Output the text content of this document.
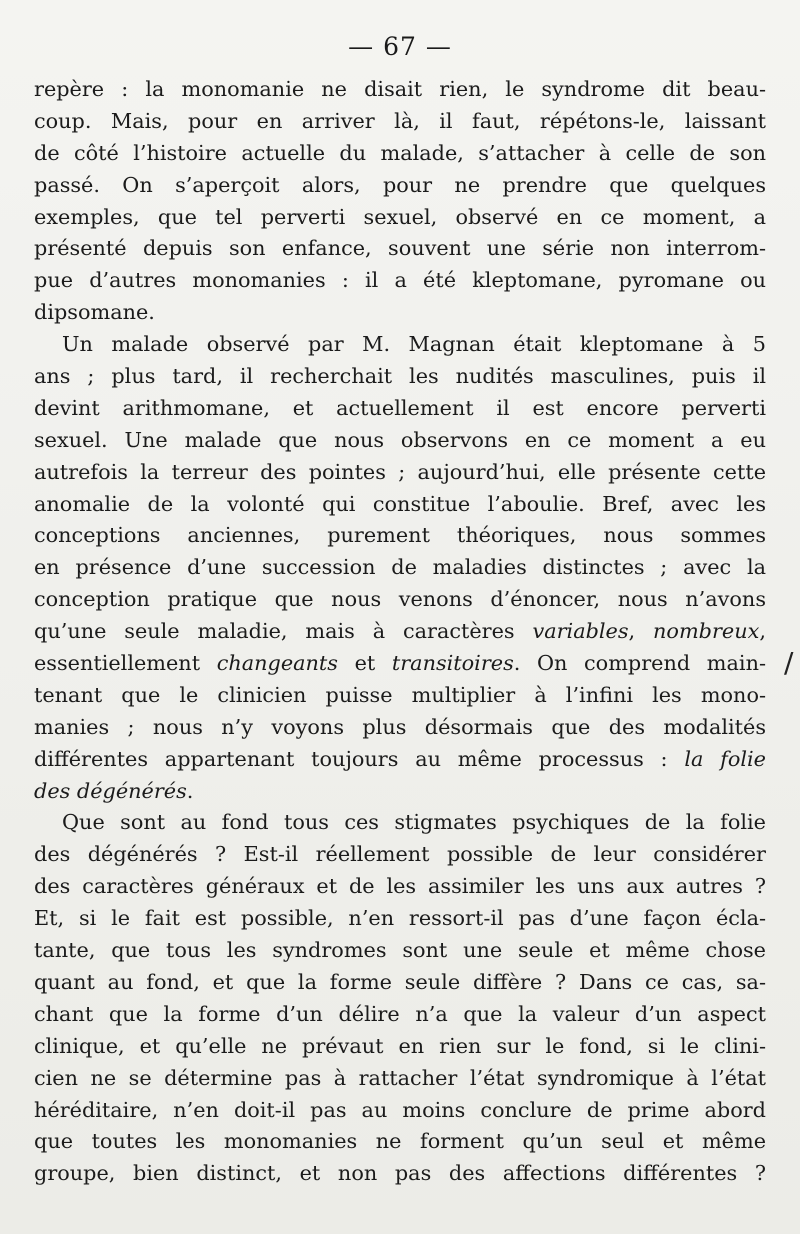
— 67 —
repère : la monomanie ne disait rien, le syndrome dit beau-
coup. Mais, pour en arriver là, il faut, répétons-le, laissant
de côté l’histoire actuelle du malade, s’attacher à celle de son
passé. On s’aperçoit alors, pour ne prendre que quelques
exemples, que tel perverti sexuel, observé en ce moment, a
présenté depuis son enfance, souvent une série non interrom-
pue d’autres monomanies : il a été kleptomane, pyromane ou
dipsomane.
Un malade observé par M. Magnan était kleptomane à 5
ans ; plus tard, il recherchait les nudités masculines, puis il
devint arithmomane, et actuellement il est encore perverti
sexuel. Une malade que nous observons en ce moment a eu
autrefois la terreur des pointes ; aujourd’hui, elle présente cette
anomalie de la volonté qui constitue l’aboulie. Bref, avec les
conceptions anciennes, purement théoriques, nous sommes
en présence d’une succession de maladies distinctes ; avec la
conception pratique que nous venons d’énoncer, nous n’avons
qu’une seule maladie, mais à caractères variables, nombreux,
essentiellement changeants et transitoires. On comprend main-
tenant que le clinicien puisse multiplier à l’infini les mono-
manies ; nous n’y voyons plus désormais que des modalités
différentes appartenant toujours au même processus : la folie
des dégénérés.
Que sont au fond tous ces stigmates psychiques de la folie
des dégénérés ? Est-il réellement possible de leur considérer
des caractères généraux et de les assimiler les uns aux autres ?
Et, si le fait est possible, n’en ressort-il pas d’une façon écla-
tante, que tous les syndromes sont une seule et même chose
quant au fond, et que la forme seule diffère ? Dans ce cas, sa-
chant que la forme d’un délire n’a que la valeur d’un aspect
clinique, et qu’elle ne prévaut en rien sur le fond, si le clini-
cien ne se détermine pas à rattacher l’état syndromique à l’état
héréditaire, n’en doit-il pas au moins conclure de prime abord
que toutes les monomanies ne forment qu’un seul et même
groupe, bien distinct, et non pas des affections différentes ?
/
